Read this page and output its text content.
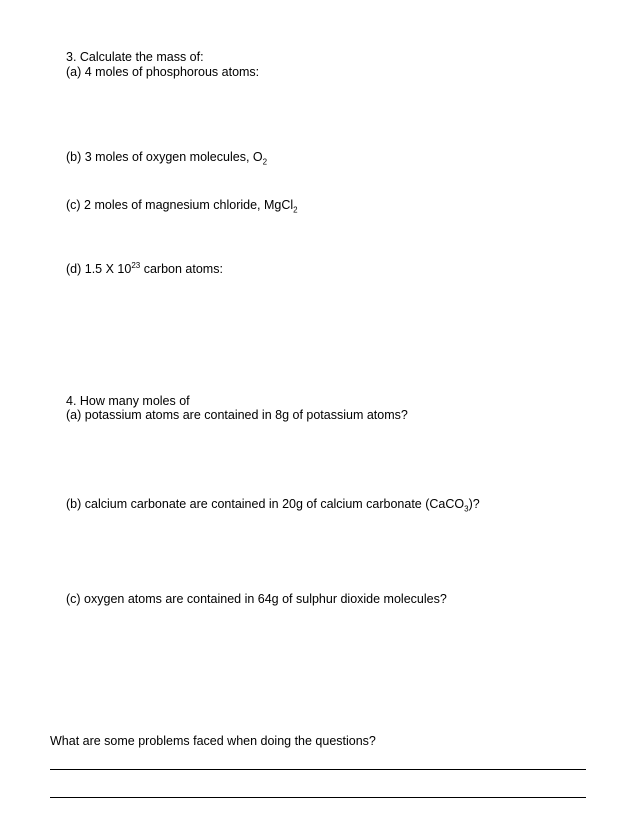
3. Calculate the mass of:
(a) 4 moles of phosphorous atoms:
(b) 3 moles of oxygen molecules, $O_2$
(c) 2 moles of magnesium chloride, MgCl$_2$
(d) 1.5 X $10^{23}$ carbon atoms:
4. How many moles of
(a) potassium atoms are contained in 8g of potassium atoms?
(b) calcium carbonate are contained in 20g of calcium carbonate (CaCO$_3$)?
(c) oxygen atoms are contained in 64g of sulphur dioxide molecules?
What are some problems faced when doing the questions?
